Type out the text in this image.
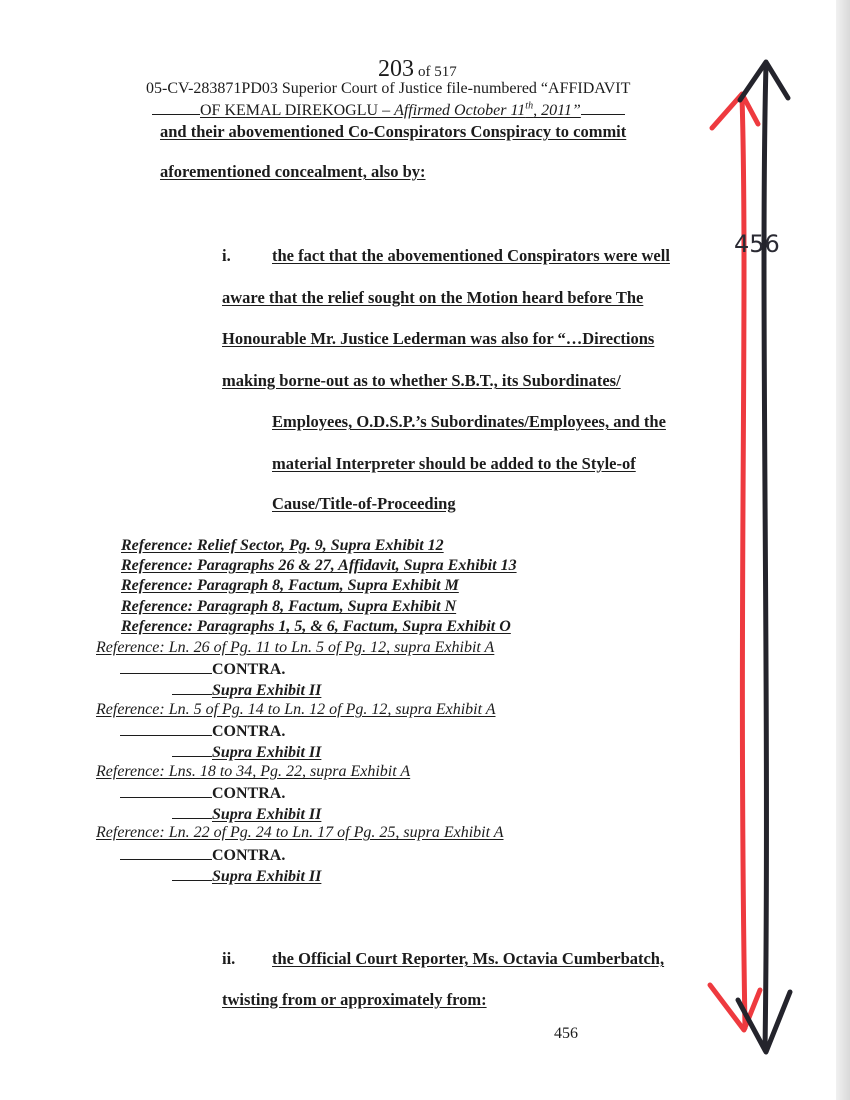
203 of 517
05-CV-283871PD03 Superior Court of Justice file-numbered “AFFIDAVIT
OF KEMAL DIREKOGLU – Affirmed October 11th, 2011”
and their abovementioned Co-Conspirators Conspiracy to commit
aforementioned concealment, also by:
i.	the fact that the abovementioned Conspirators were well
aware that the relief sought on the Motion heard before The
Honourable Mr. Justice Lederman was also for “…Directions
making borne-out as to whether S.B.T., its Subordinates/
Employees, O.D.S.P.’s Subordinates/Employees, and the
material Interpreter should be added to the Style-of
Cause/Title-of-Proceeding
Reference: Relief Sector, Pg. 9, Supra Exhibit 12
Reference: Paragraphs 26 & 27, Affidavit, Supra Exhibit 13
Reference: Paragraph 8, Factum, Supra Exhibit M
Reference: Paragraph 8, Factum, Supra Exhibit N
Reference: Paragraphs 1, 5, & 6, Factum, Supra Exhibit O
Reference: Ln. 26 of Pg. 11 to Ln. 5 of Pg. 12, supra Exhibit A
CONTRA.
Supra Exhibit II
Reference: Ln. 5 of Pg. 14 to Ln. 12 of Pg. 12, supra Exhibit A
CONTRA.
Supra Exhibit II
Reference: Lns. 18 to 34, Pg. 22, supra Exhibit A
CONTRA.
Supra Exhibit II
Reference: Ln. 22 of Pg. 24 to Ln. 17 of Pg. 25, supra Exhibit A
CONTRA.
Supra Exhibit II
ii. the Official Court Reporter, Ms. Octavia Cumberbatch,
twisting from or approximately from:
456
456
